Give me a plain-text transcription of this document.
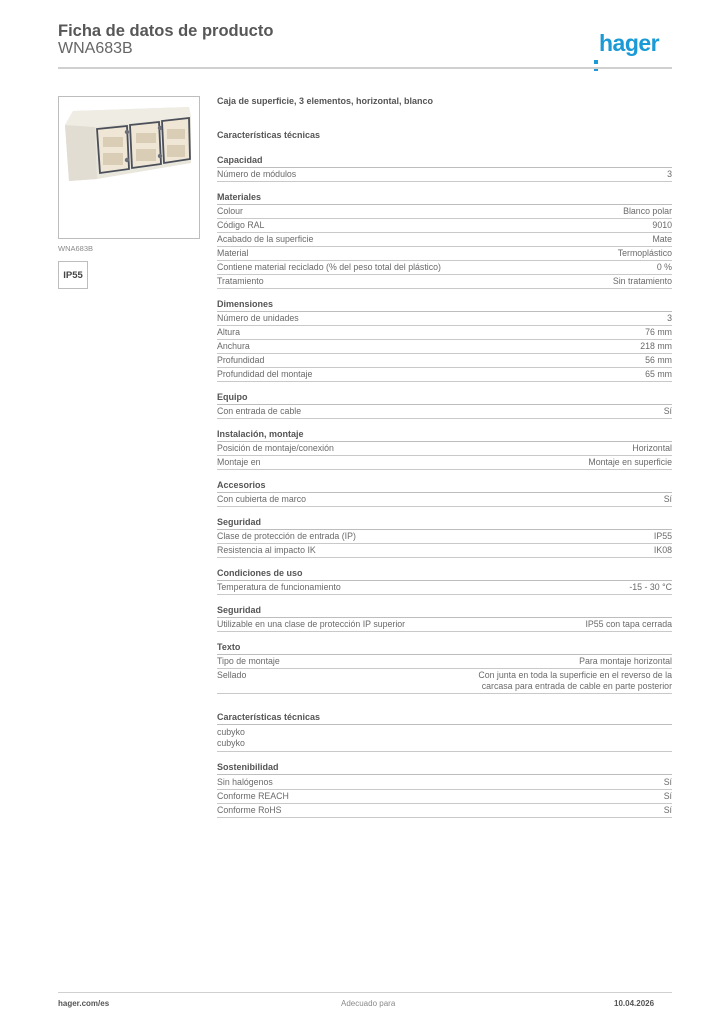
Ficha de datos de producto
WNA683B	hager
WNA683B
IP55
Caja de superficie, 3 elementos, horizontal, blanco
Características técnicas
Capacidad
Número de módulos	3
Materiales
Colour	Blanco polar
Código RAL	9010
Acabado de la superficie	Mate
Material	Termoplástico
Contiene material reciclado (% del peso total del plástico)	0 %
Tratamiento	Sin tratamiento
Dimensiones
Número de unidades	3
Altura	76 mm
Anchura	218 mm
Profundidad	56 mm
Profundidad del montaje	65 mm
Equipo
Con entrada de cable	Sí
Instalación, montaje
Posición de montaje/conexión	Horizontal
Montaje en	Montaje en superficie
Accesorios
Con cubierta de marco	Sí
Seguridad
Clase de protección de entrada (IP)	IP55
Resistencia al impacto IK	IK08
Condiciones de uso
Temperatura de funcionamiento	-15 - 30 °C
Seguridad
Utilizable en una clase de protección IP superior	IP55 con tapa cerrada
Texto
Tipo de montaje	Para montaje horizontal
Sellado	Con junta en toda la superficie en el reverso de la carcasa para entrada de cable en parte posterior
Características técnicas
cubyko
cubyko
Sostenibilidad
Sin halógenos	Sí
Conforme REACH	Sí
Conforme RoHS	Sí
hager.com/es	Adecuado para	10.04.2026
